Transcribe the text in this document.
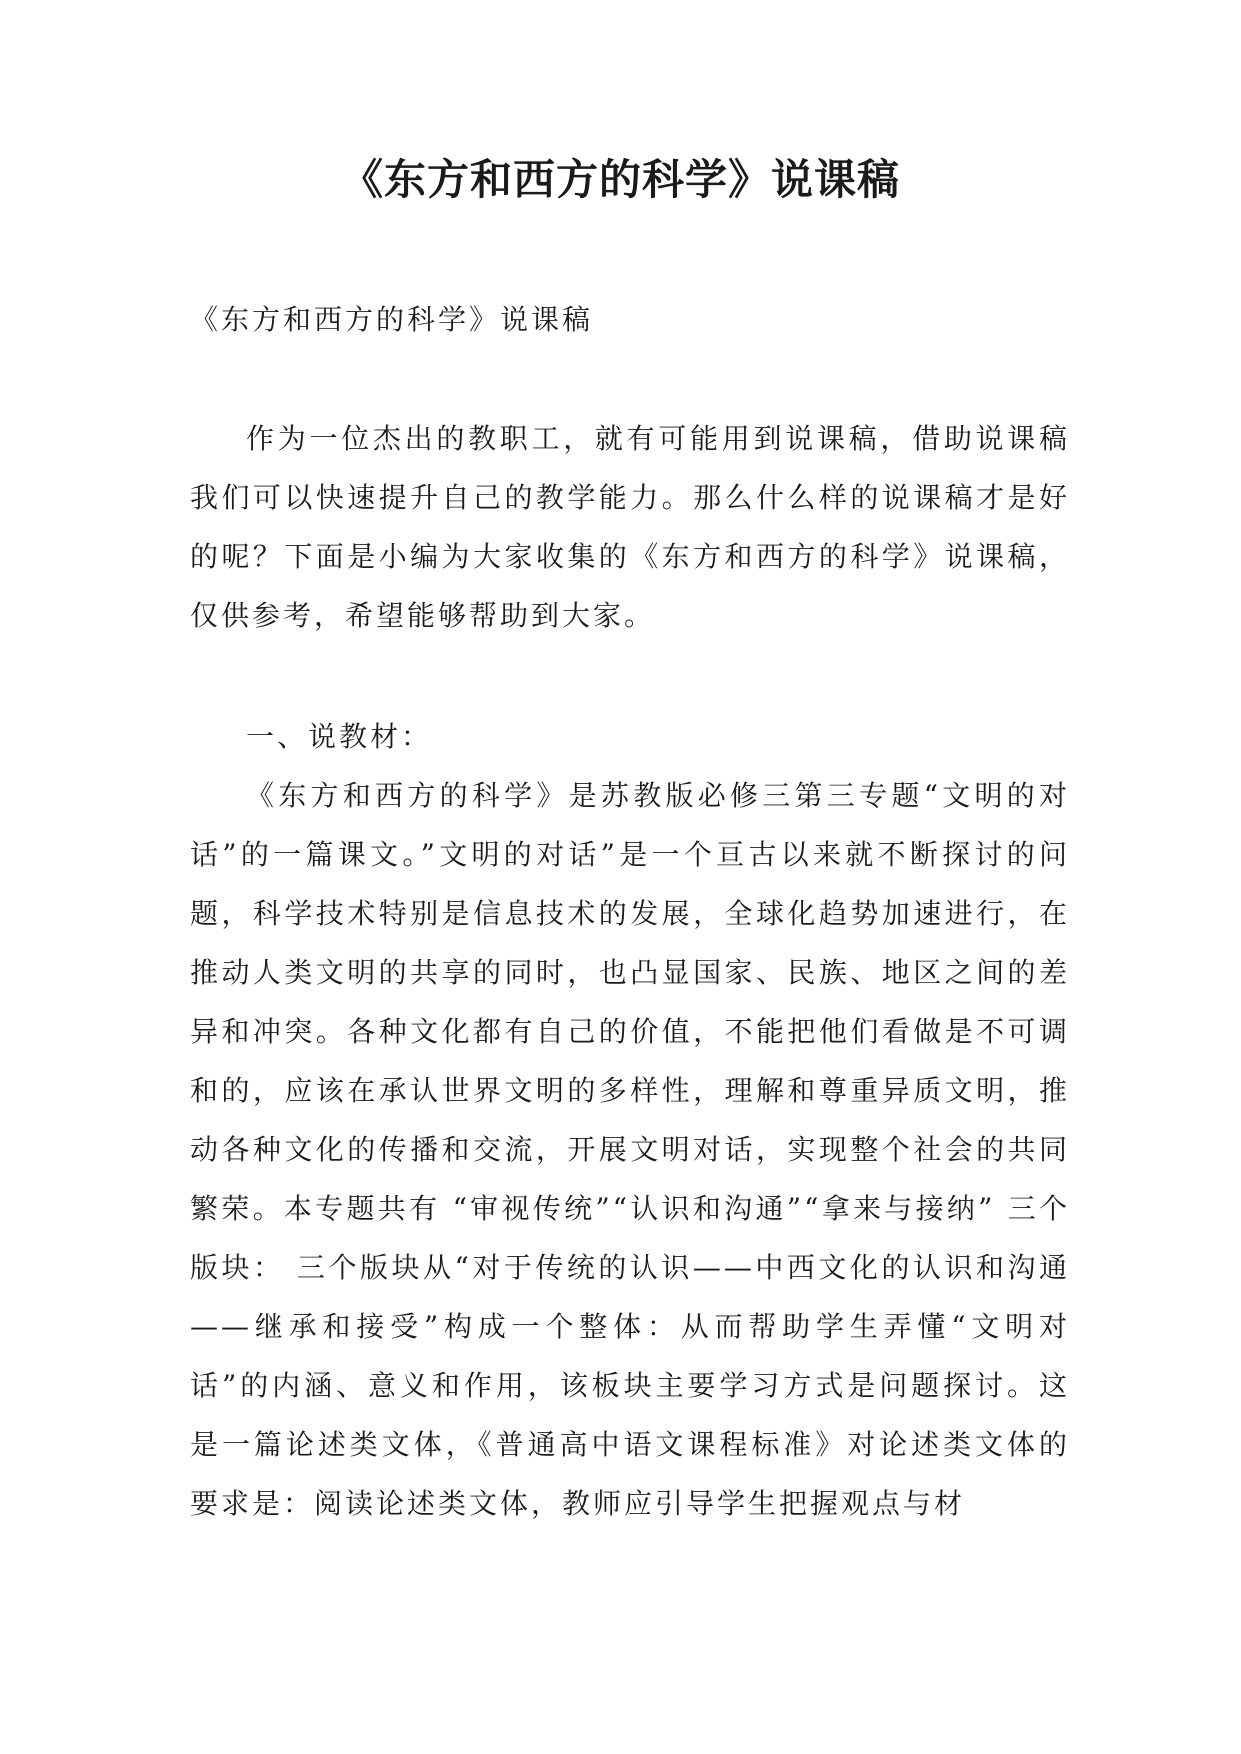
《东方和西方的科学》说课稿

《东方和西方的科学》说课稿

作为一位杰出的教职工，就有可能用到说课稿，借助说课稿我们可以快速提升自己的教学能力。那么什么样的说课稿才是好的呢？下面是小编为大家收集的《东方和西方的科学》说课稿，仅供参考，希望能够帮助到大家。

一、说教材：

《东方和西方的科学》是苏教版必修三第三专题“文明的对话”的一篇课文。”文明的对话”是一个亘古以来就不断探讨的问题，科学技术特别是信息技术的发展，全球化趋势加速进行，在推动人类文明的共享的同时，也凸显国家、民族、地区之间的差异和冲突。各种文化都有自己的价值，不能把他们看做是不可调和的，应该在承认世界文明的多样性，理解和尊重异质文明，推动各种文化的传播和交流，开展文明对话，实现整个社会的共同繁荣。本专题共有 “审视传统”“认识和沟通”“拿来与接纳” 三个版块： 三个版块从“对于传统的认识——中西文化的认识和沟通——继承和接受”构成一个整体：从而帮助学生弄懂“文明对话”的内涵、意义和作用，该板块主要学习方式是问题探讨。这是一篇论述类文体，《普通高中语文课程标准》对论述类文体的要求是：阅读论述类文体，教师应引导学生把握观点与材
